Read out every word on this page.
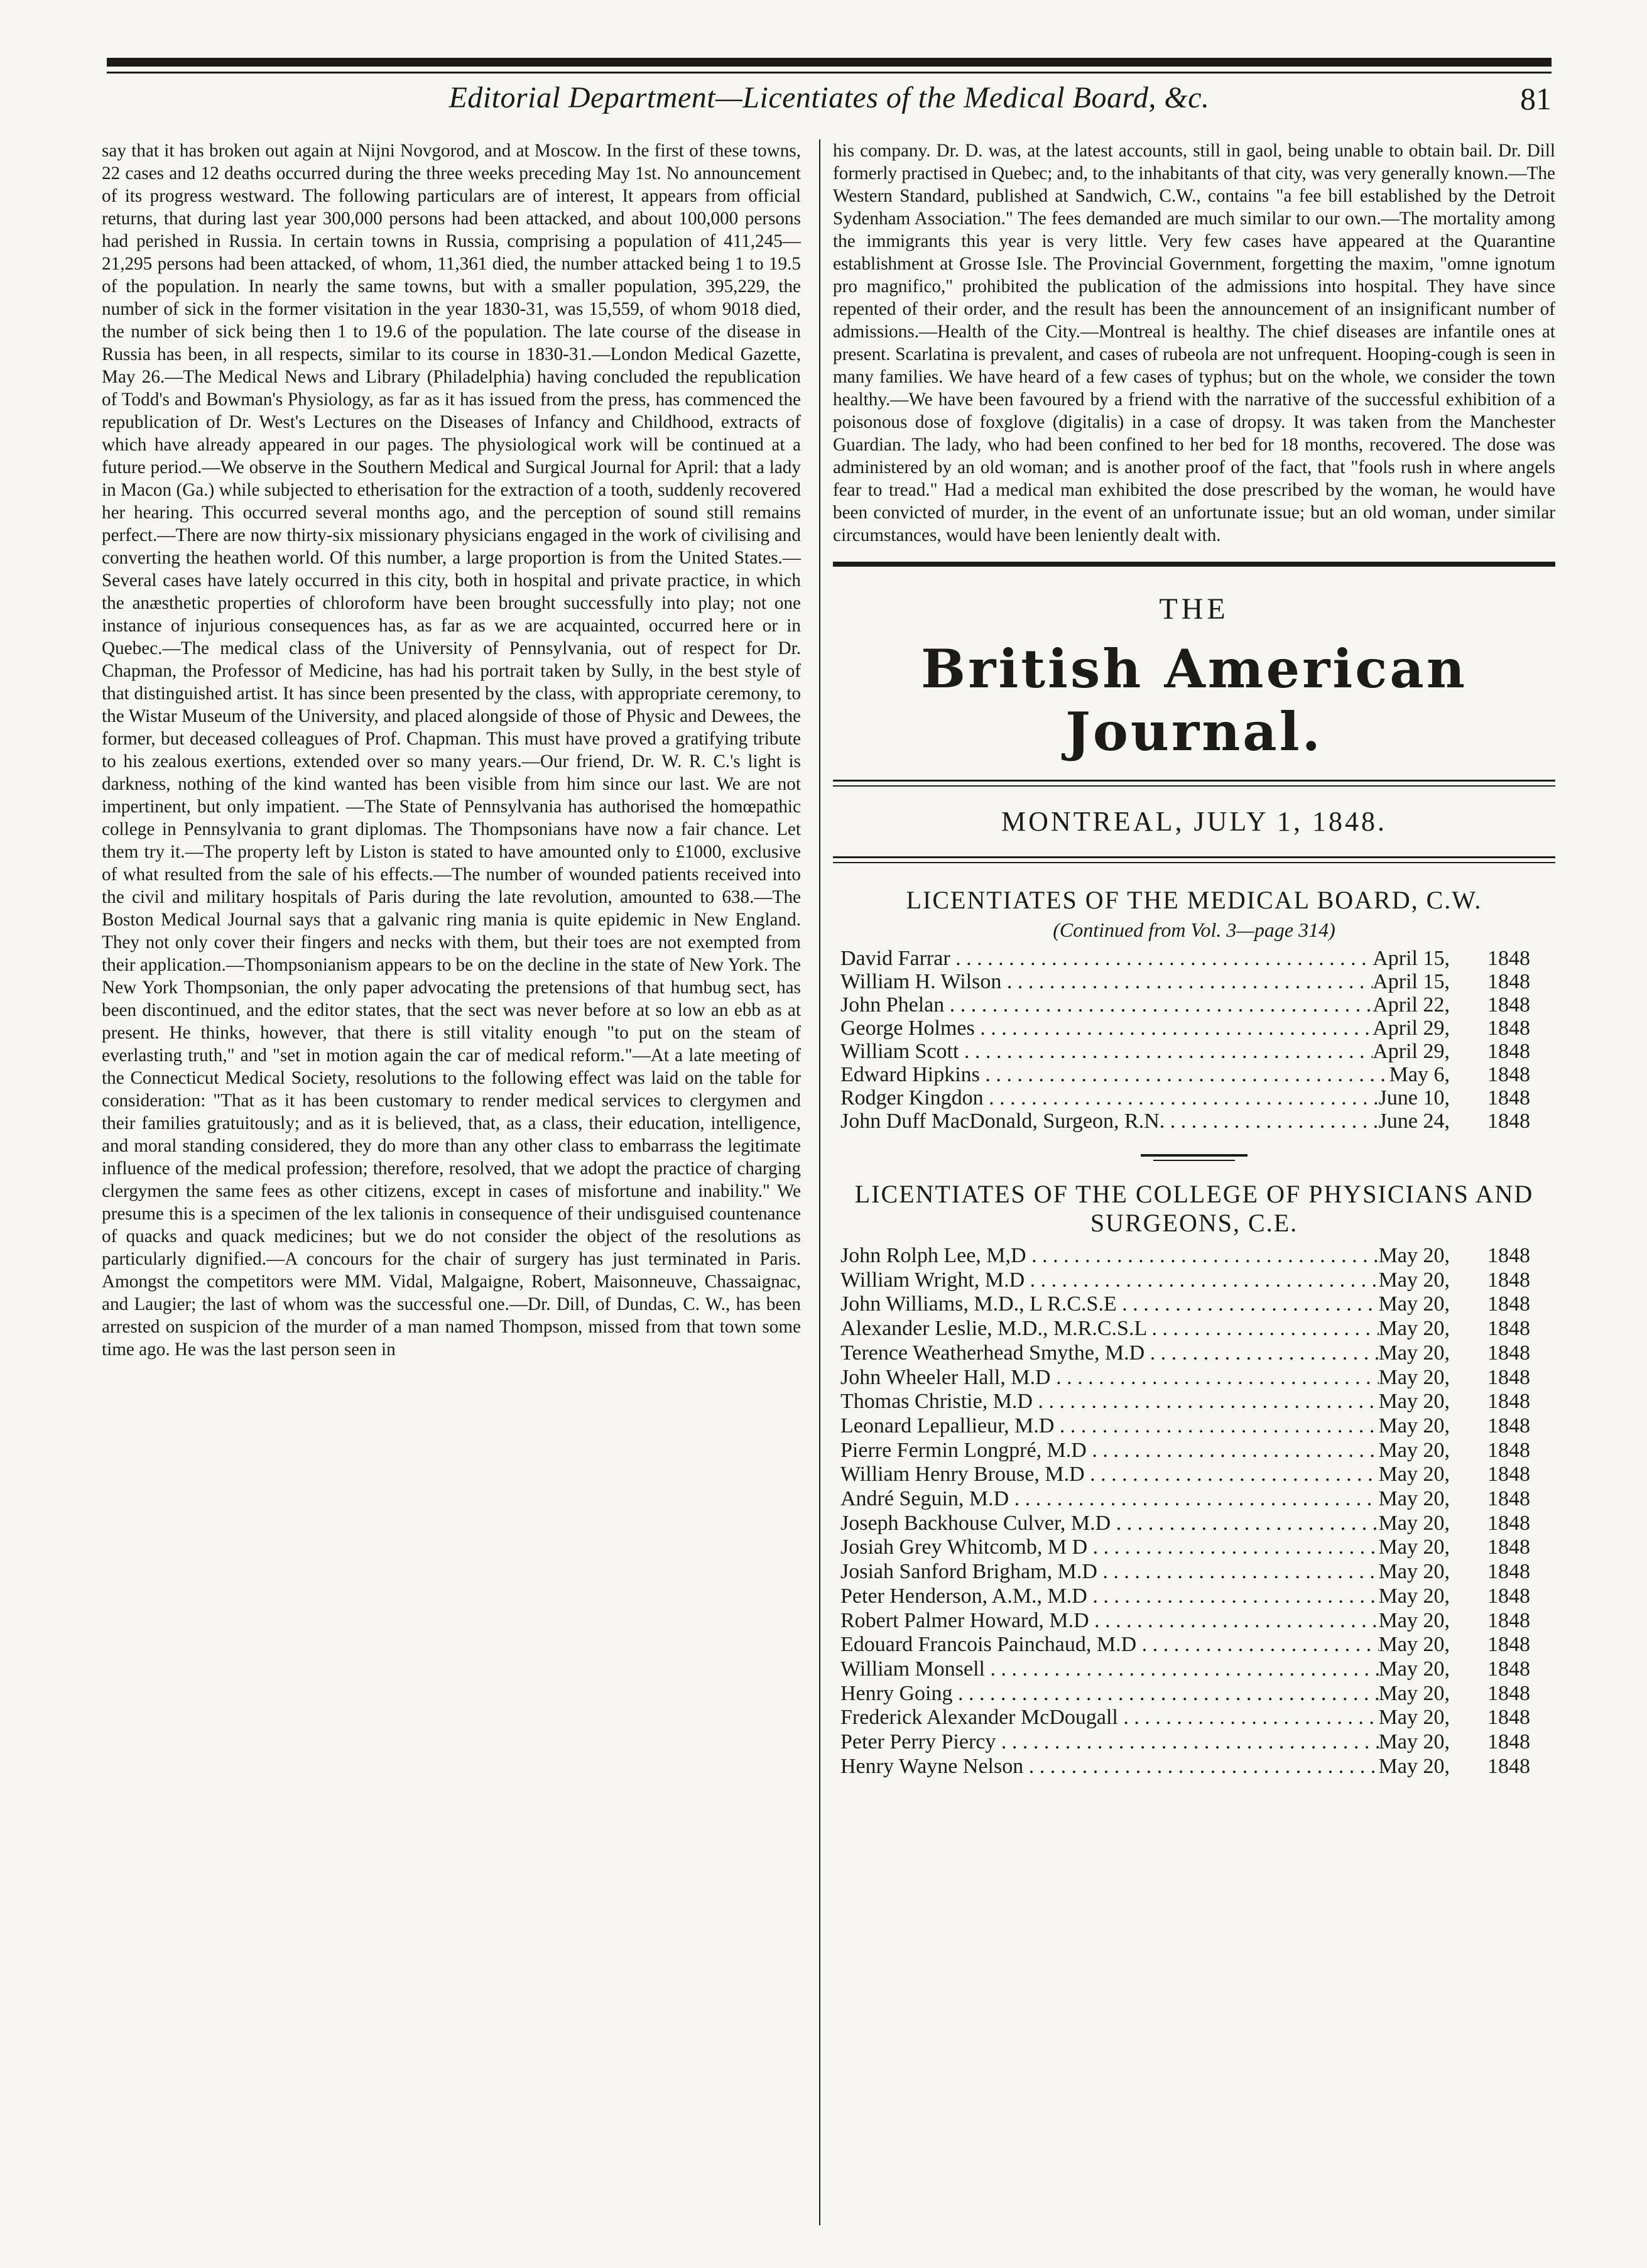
Editorial Department—Licentiates of the Medical Board, &c.	81

say that it has broken out again at Nijni Novgorod, and at Moscow. In the first of these towns, 22 cases and 12 deaths occurred during the three weeks preceding May 1st. No announcement of its progress westward. The following particulars are of interest, It appears from official returns, that during last year 300,000 persons had been attacked, and about 100,000 persons had perished in Russia. In certain towns in Russia, comprising a population of 411,245—21,295 persons had been attacked, of whom, 11,361 died, the number attacked being 1 to 19.5 of the population. In nearly the same towns, but with a smaller population, 395,229, the number of sick in the former visitation in the year 1830-31, was 15,559, of whom 9018 died, the number of sick being then 1 to 19.6 of the population. The late course of the disease in Russia has been, in all respects, similar to its course in 1830-31.—London Medical Gazette, May 26.—The Medical News and Library (Philadelphia) having concluded the republication of Todd's and Bowman's Physiology, as far as it has issued from the press, has commenced the republication of Dr. West's Lectures on the Diseases of Infancy and Childhood, extracts of which have already appeared in our pages. The physiological work will be continued at a future period.—We observe in the Southern Medical and Surgical Journal for April: that a lady in Macon (Ga.) while subjected to etherisation for the extraction of a tooth, suddenly recovered her hearing. This occurred several months ago, and the perception of sound still remains perfect.—There are now thirty-six missionary physicians engaged in the work of civilising and converting the heathen world. Of this number, a large proportion is from the United States.—Several cases have lately occurred in this city, both in hospital and private practice, in which the anæsthetic properties of chloroform have been brought successfully into play; not one instance of injurious consequences has, as far as we are acquainted, occurred here or in Quebec.—The medical class of the University of Pennsylvania, out of respect for Dr. Chapman, the Professor of Medicine, has had his portrait taken by Sully, in the best style of that distinguished artist. It has since been presented by the class, with appropriate ceremony, to the Wistar Museum of the University, and placed alongside of those of Physic and Dewees, the former, but deceased colleagues of Prof. Chapman. This must have proved a gratifying tribute to his zealous exertions, extended over so many years.—Our friend, Dr. W. R. C.'s light is darkness, nothing of the kind wanted has been visible from him since our last. We are not impertinent, but only impatient. —The State of Pennsylvania has authorised the homœpathic college in Pennsylvania to grant diplomas. The Thompsonians have now a fair chance. Let them try it.—The property left by Liston is stated to have amounted only to £1000, exclusive of what resulted from the sale of his effects.—The number of wounded patients received into the civil and military hospitals of Paris during the late revolution, amounted to 638.—The Boston Medical Journal says that a galvanic ring mania is quite epidemic in New England. They not only cover their fingers and necks with them, but their toes are not exempted from their application.—Thompsonianism appears to be on the decline in the state of New York. The New York Thompsonian, the only paper advocating the pretensions of that humbug sect, has been discontinued, and the editor states, that the sect was never before at so low an ebb as at present. He thinks, however, that there is still vitality enough "to put on the steam of everlasting truth," and "set in motion again the car of medical reform."—At a late meeting of the Connecticut Medical Society, resolutions to the following effect was laid on the table for consideration: "That as it has been customary to render medical services to clergymen and their families gratuitously; and as it is believed, that, as a class, their education, intelligence, and moral standing considered, they do more than any other class to embarrass the legitimate influence of the medical profession; therefore, resolved, that we adopt the practice of charging clergymen the same fees as other citizens, except in cases of misfortune and inability." We presume this is a specimen of the lex talionis in consequence of their undisguised countenance of quacks and quack medicines; but we do not consider the object of the resolutions as particularly dignified.—A concours for the chair of surgery has just terminated in Paris. Amongst the competitors were MM. Vidal, Malgaigne, Robert, Maisonneuve, Chassaignac, and Laugier; the last of whom was the successful one.—Dr. Dill, of Dundas, C. W., has been arrested on suspicion of the murder of a man named Thompson, missed from that town some time ago. He was the last person seen in

his company. Dr. D. was, at the latest accounts, still in gaol, being unable to obtain bail. Dr. Dill formerly practised in Quebec; and, to the inhabitants of that city, was very generally known.—The Western Standard, published at Sandwich, C.W., contains "a fee bill established by the Detroit Sydenham Association." The fees demanded are much similar to our own.—The mortality among the immigrants this year is very little. Very few cases have appeared at the Quarantine establishment at Grosse Isle. The Provincial Government, forgetting the maxim, "omne ignotum pro magnifico," prohibited the publication of the admissions into hospital. They have since repented of their order, and the result has been the announcement of an insignificant number of admissions.—Health of the City.—Montreal is healthy. The chief diseases are infantile ones at present. Scarlatina is prevalent, and cases of rubeola are not unfrequent. Hooping-cough is seen in many families. We have heard of a few cases of typhus; but on the whole, we consider the town healthy.—We have been favoured by a friend with the narrative of the successful exhibition of a poisonous dose of foxglove (digitalis) in a case of dropsy. It was taken from the Manchester Guardian. The lady, who had been confined to her bed for 18 months, recovered. The dose was administered by an old woman; and is another proof of the fact, that "fools rush in where angels fear to tread." Had a medical man exhibited the dose prescribed by the woman, he would have been convicted of murder, in the event of an unfortunate issue; but an old woman, under similar circumstances, would have been leniently dealt with.

THE
British American Journal.
MONTREAL, JULY 1, 1848.
LICENTIATES OF THE MEDICAL BOARD, C.W.
(Continued from Vol. 3—page 314)
David Farrar . . .	April 15,	1848
William H. Wilson . . .	April 15,	1848
John Phelan . . .	April 22,	1848
George Holmes . . .	April 29,	1848
William Scott . . .	April 29,	1848
Edward Hipkins . . .	May 6,	1848
Rodger Kingdon . . .	June 10,	1848
John Duff MacDonald, Surgeon, R.N. . . .	June 24,	1848
LICENTIATES OF THE COLLEGE OF PHYSICIANS AND SURGEONS, C.E.
John Rolph Lee, M,D . . .	May 20,	1848
William Wright, M.D . . .	May 20,	1848
John Williams, M.D., L R.C.S.E . . .	May 20,	1848
Alexander Leslie, M.D., M.R.C.S.L . . .	May 20,	1848
Terence Weatherhead Smythe, M.D . . .	May 20,	1848
John Wheeler Hall, M.D . . .	May 20,	1848
Thomas Christie, M.D . . .	May 20,	1848
Leonard Lepallieur, M.D . . .	May 20,	1848
Pierre Fermin Longpré, M.D . . .	May 20,	1848
William Henry Brouse, M.D . . .	May 20,	1848
André Seguin, M.D . . .	May 20,	1848
Joseph Backhouse Culver, M.D . . .	May 20,	1848
Josiah Grey Whitcomb, M D . . .	May 20,	1848
Josiah Sanford Brigham, M.D . . .	May 20,	1848
Peter Henderson, A.M., M.D . . .	May 20,	1848
Robert Palmer Howard, M.D . . .	May 20,	1848
Edouard Francois Painchaud, M.D . . .	May 20,	1848
William Monsell . . .	May 20,	1848
Henry Going . . .	May 20,	1848
Frederick Alexander McDougall . . .	May 20,	1848
Peter Perry Piercy . . .	May 20,	1848
Henry Wayne Nelson . . .	May 20,	1848
